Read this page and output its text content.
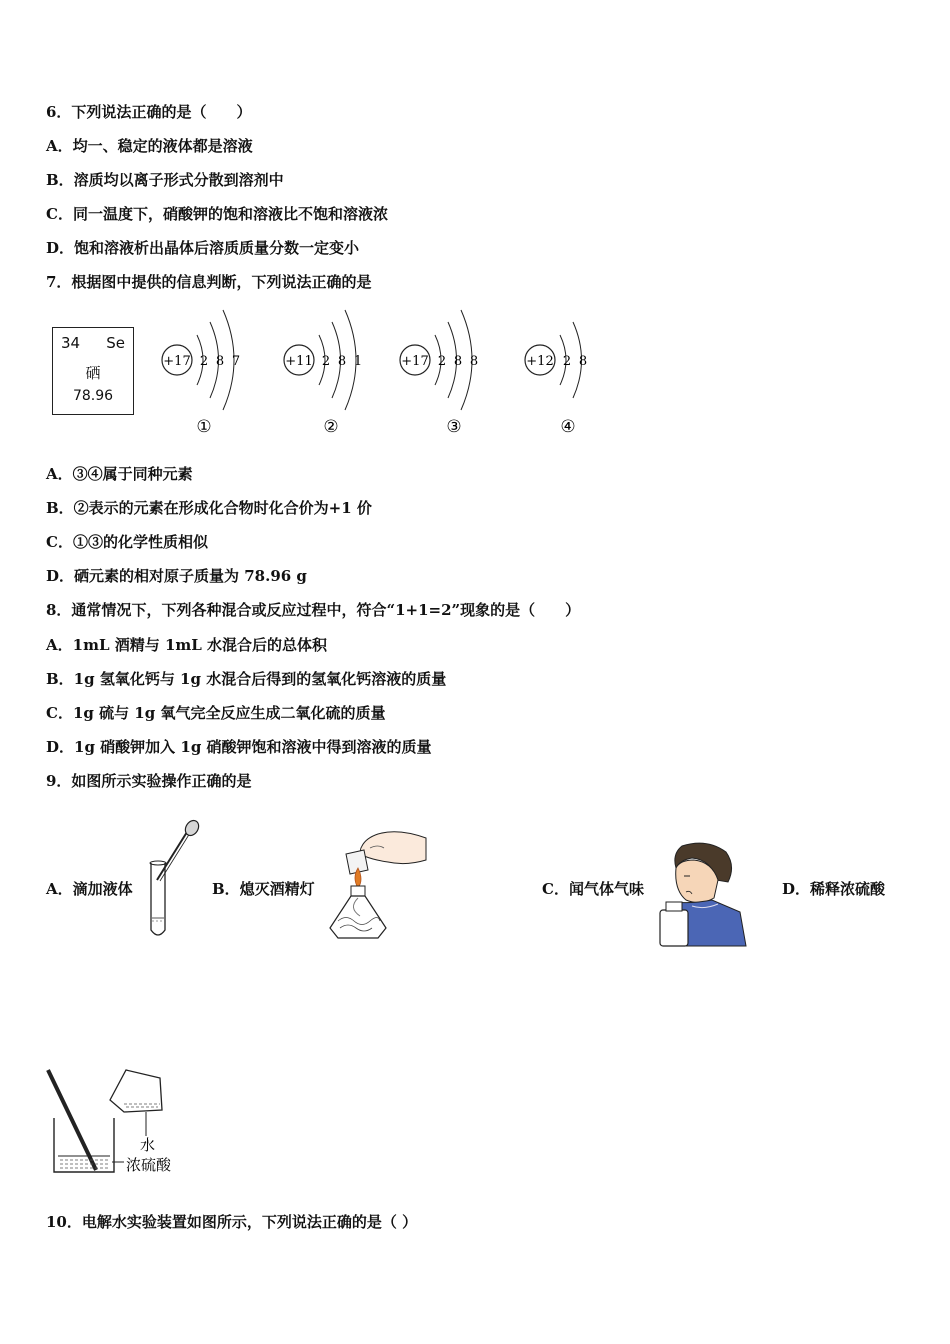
6．下列说法正确的是（　　）
A．均一、稳定的液体都是溶液
B．溶质均以离子形式分散到溶剂中
C．同一温度下，硝酸钾的饱和溶液比不饱和溶液浓
D．饱和溶液析出晶体后溶质质量分数一定变小
7．根据图中提供的信息判断，下列说法正确的是
34 Se
硒
78.96
+17 2 8 7	+11 2 8 1	+17 2 8 8	+12 2 8
①	②	③	④
A．③④属于同种元素
B．②表示的元素在形成化合物时化合价为+1 价
C．①③的化学性质相似
D．硒元素的相对原子质量为 78.96 g
8．通常情况下，下列各种混合或反应过程中，符合“1+1=2”现象的是（　　）
A．1mL 酒精与 1mL 水混合后的总体积
B．1g 氢氧化钙与 1g 水混合后得到的氢氧化钙溶液的质量
C．1g 硫与 1g 氧气完全反应生成二氧化硫的质量
D．1g 硝酸钾加入 1g 硝酸钾饱和溶液中得到溶液的质量
9．如图所示实验操作正确的是
A．滴加液体	B．熄灭酒精灯	C．闻气体气味	D．稀释浓硫酸
水
浓硫酸
10．电解水实验装置如图所示，下列说法正确的是（ ）
